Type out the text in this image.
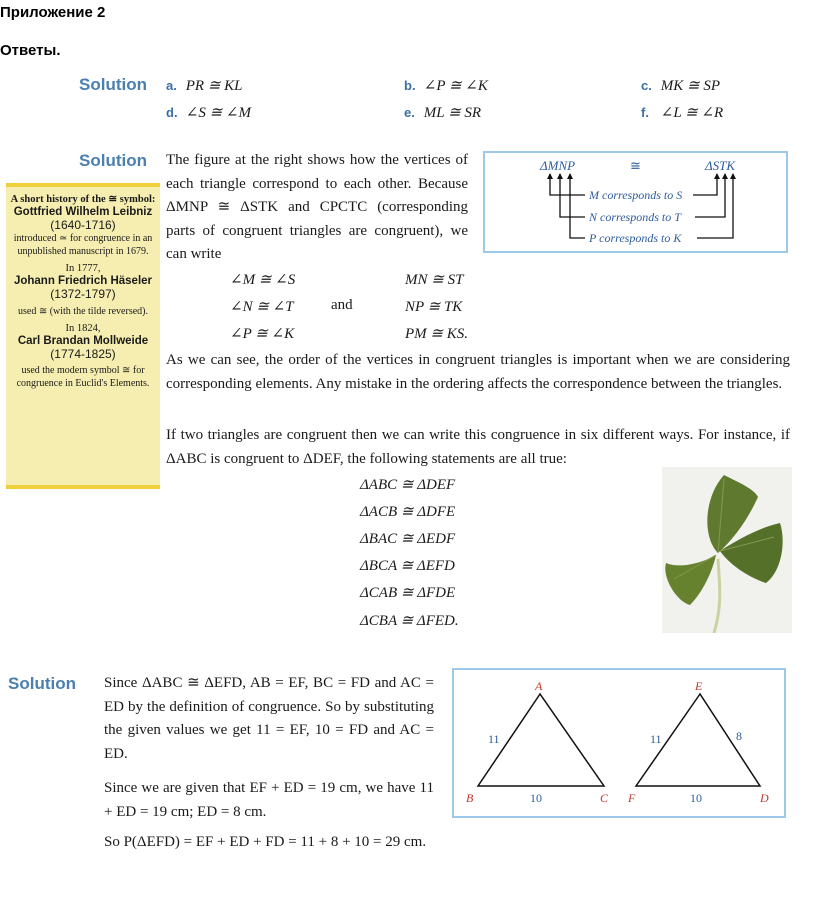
Приложение 2
Ответы.
Solution a. PR ≅ KL	b. ∠P ≅ ∠K	c. MK ≅ SP
d. ∠S ≅ ∠M	e. ML ≅ SR	f. ∠L ≅ ∠R
Solution
A short history of the ≅ symbol:
Gottfried Wilhelm Leibniz
(1640-1716)
introduced ≃ for congruence in an unpublished manuscript in 1679.
In 1777,
Johann Friedrich Häseler
(1372-1797)
used ≅ (with the tilde reversed).
In 1824,
Carl Brandan Mollweide
(1774-1825)
used the modern symbol ≅ for congruence in Euclid's Elements.
The figure at the right shows how the vertices of each triangle correspond to each other. Because ΔMNP ≅ ΔSTK and CPCTC (corresponding parts of congruent triangles are congruent), we can write
ΔMNP	≅	ΔSTK
M corresponds to S
N corresponds to T
P corresponds to K
∠M ≅ ∠S
∠N ≅ ∠T
∠P ≅ ∠K
and
MN ≅ ST
NP ≅ TK
PM ≅ KS.
As we can see, the order of the vertices in congruent triangles is important when we are considering corresponding elements. Any mistake in the ordering affects the correspondence between the triangles.
If two triangles are congruent then we can write this congruence in six different ways. For instance, if ΔABC is congruent to ΔDEF, the following statements are all true:
ΔABC ≅ ΔDEF
ΔACB ≅ ΔDFE
ΔBAC ≅ ΔEDF
ΔBCA ≅ ΔEFD
ΔCAB ≅ ΔFDE
ΔCBA ≅ ΔFED.
Solution Since ΔABC ≅ ΔEFD, AB = EF, BC = FD and AC = ED by the definition of congruence. So by substituting the given values we get 11 = EF, 10 = FD and AC = ED.
Since we are given that EF + ED = 19 cm, we have 11 + ED = 19 cm; ED = 8 cm.
So P(ΔEFD) = EF + ED + FD = 11 + 8 + 10 = 29 cm.
A
B	C
E
F	D
11
10
11	8
10
